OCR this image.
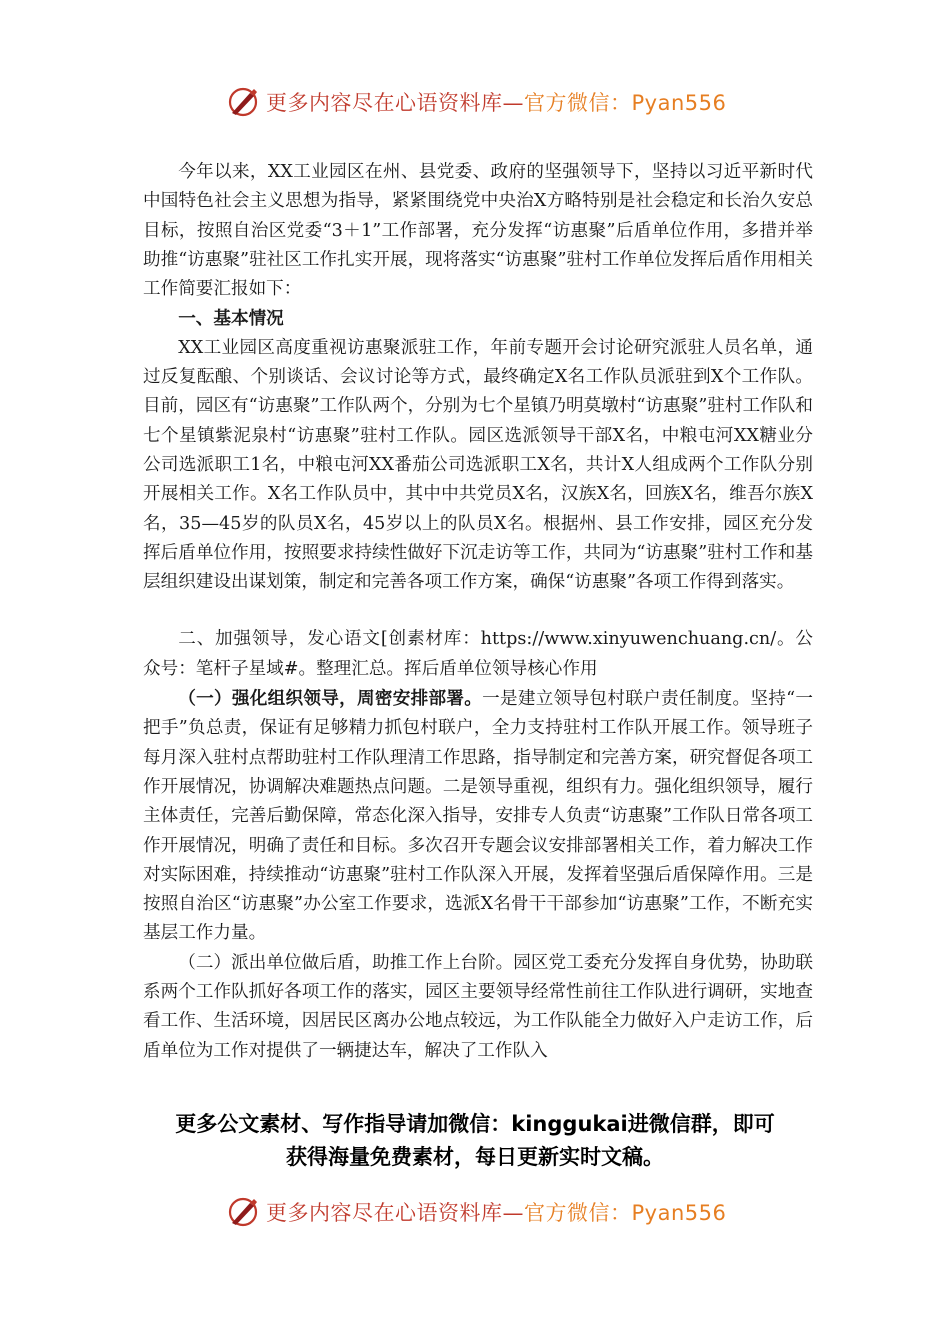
更多内容尽在心语资料库—官方微信：Pyan556

今年以来，XX工业园区在州、县党委、政府的坚强领导下，坚持以习近平新时代中国特色社会主义思想为指导，紧紧围绕党中央治X方略特别是社会稳定和长治久安总目标，按照自治区党委“3＋1”工作部署，充分发挥“访惠聚”后盾单位作用，多措并举助推“访惠聚”驻社区工作扎实开展，现将落实“访惠聚”驻村工作单位发挥后盾作用相关工作简要汇报如下：

一、基本情况

XX工业园区高度重视访惠聚派驻工作，年前专题开会讨论研究派驻人员名单，通过反复酝酿、个别谈话、会议讨论等方式，最终确定X名工作队员派驻到X个工作队。目前，园区有“访惠聚”工作队两个，分别为七个星镇乃明莫墩村“访惠聚”驻村工作队和七个星镇紫泥泉村“访惠聚”驻村工作队。园区选派领导干部X名，中粮屯河XX糖业分公司选派职工1名，中粮屯河XX番茄公司选派职工X名，共计X人组成两个工作队分别开展相关工作。X名工作队员中，其中中共党员X名，汉族X名，回族X名，维吾尔族X名，35—45岁的队员X名，45岁以上的队员X名。根据州、县工作安排，园区充分发挥后盾单位作用，按照要求持续性做好下沉走访等工作，共同为“访惠聚”驻村工作和基层组织建设出谋划策，制定和完善各项工作方案，确保“访惠聚”各项工作得到落实。

二、加强领导，发心语文[创素材库：https://www.xinyuwenchuang.cn/。公众号：笔杆子星域#。整理汇总。挥后盾单位领导核心作用

（一）强化组织领导，周密安排部署。一是建立领导包村联户责任制度。坚持“一把手”负总责，保证有足够精力抓包村联户，全力支持驻村工作队开展工作。领导班子每月深入驻村点帮助驻村工作队理清工作思路，指导制定和完善方案，研究督促各项工作开展情况，协调解决难题热点问题。二是领导重视，组织有力。强化组织领导，履行主体责任，完善后勤保障，常态化深入指导，安排专人负责“访惠聚”工作队日常各项工作开展情况，明确了责任和目标。多次召开专题会议安排部署相关工作，着力解决工作对实际困难，持续推动“访惠聚”驻村工作队深入开展，发挥着坚强后盾保障作用。三是按照自治区“访惠聚”办公室工作要求，选派X名骨干干部参加“访惠聚”工作，不断充实基层工作力量。

（二）派出单位做后盾，助推工作上台阶。园区党工委充分发挥自身优势，协助联系两个工作队抓好各项工作的落实，园区主要领导经常性前往工作队进行调研，实地查看工作、生活环境，因居民区离办公地点较远，为工作队能全力做好入户走访工作，后盾单位为工作对提供了一辆捷达车，解决了工作队入

更多公文素材、写作指导请加微信：kinggukai进微信群，即可
获得海量免费素材，每日更新实时文稿。
更多内容尽在心语资料库—官方微信：Pyan556
